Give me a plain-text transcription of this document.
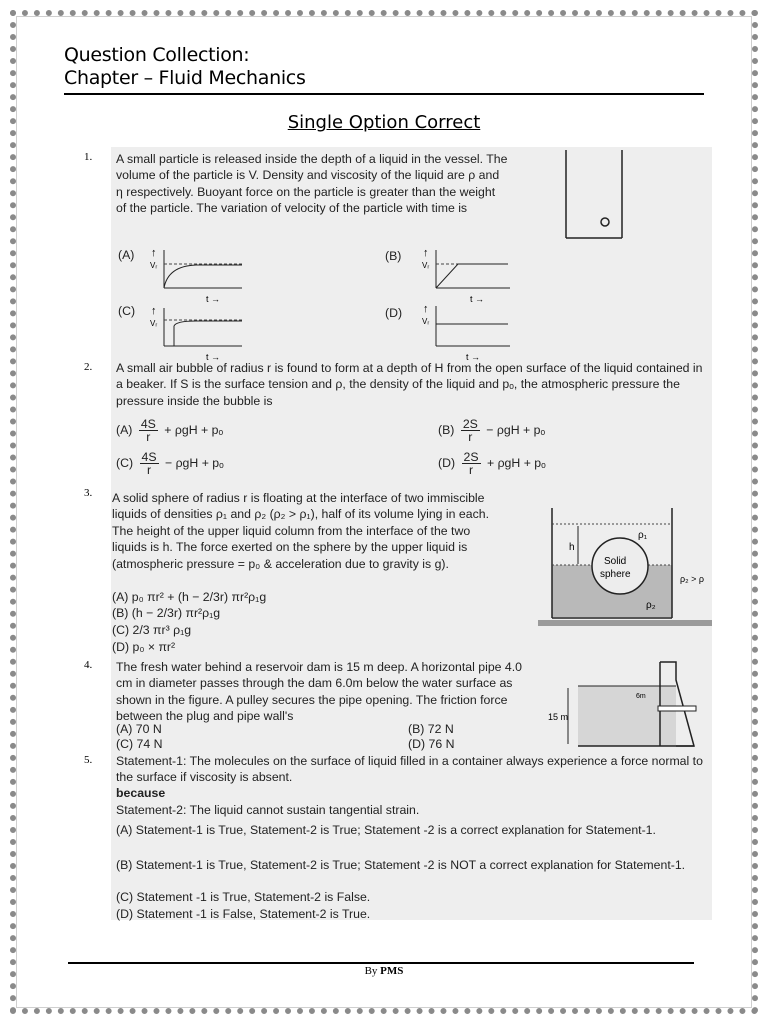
Question Collection:
Chapter – Fluid Mechanics
Single Option Correct
1. A small particle is released inside the depth of a liquid in the vessel. The volume of the particle is V. Density and viscosity of the liquid are ρ and η respectively. Buoyant force on the particle is greater than the weight of the particle. The variation of velocity of the particle with time is

(A) ↑
Vᵣ
t →
(B) ↑
Vᵣ
t →
(C) ↑
Vᵣ
t →
(D) ↑
Vᵣ
t →
2. A small air bubble of radius r is found to form at a depth of H from the open surface of the liquid contained in a beaker. If S is the surface tension and ρ, the density of the liquid and pₒ, the atmospheric pressure the pressure inside the bubble is

$(A) \frac{4S}{r} + \rho gH + p_o$	$(B) \frac{2S}{r} - \rho gH + p_o$
$(C) \frac{4S}{r} - \rho gH + p_o$	$(D) \frac{2S}{r} + \rho gH + p_o$
3. A solid sphere of radius r is floating at the interface of two immiscible liquids of densities ρ₁ and ρ₂ (ρ₂ > ρ₁), half of its volume lying in each. The height of the upper liquid column from the interface of the two liquids is h. The force exerted on the sphere by the upper liquid is (atmospheric pressure = p₀ & acceleration due to gravity is g).

(A) p₀ πr² + (h − 2/3r) πr²ρ₁g
(B) (h − 2/3r) πr²ρ₁g
(C) 2/3 πr³ ρ₁g
(D) p₀ × πr²
h
Solid
sphere
ρ₁
ρ₂
ρ₂ > ρ
4. The fresh water behind a reservoir dam is 15 m deep. A horizontal pipe 4.0 cm in diameter passes through the dam 6.0m below the water surface as shown in the figure. A pulley secures the pipe opening. The friction force between the plug and pipe wall's

(A) 70 N	(B) 72 N
(C) 74 N	(D) 76 N
15 m
6m
5. Statement-1: The molecules on the surface of liquid filled in a container always experience a force normal to the surface if viscosity is absent.

because
Statement-2: The liquid cannot sustain tangential strain.

(A) Statement-1 is True, Statement-2 is True; Statement -2 is a correct explanation for Statement-1.

(B) Statement-1 is True, Statement-2 is True; Statement -2 is NOT a correct explanation for Statement-1.

(C) Statement -1 is True, Statement-2 is False.
(D) Statement -1 is False, Statement-2 is True.
By PMS
